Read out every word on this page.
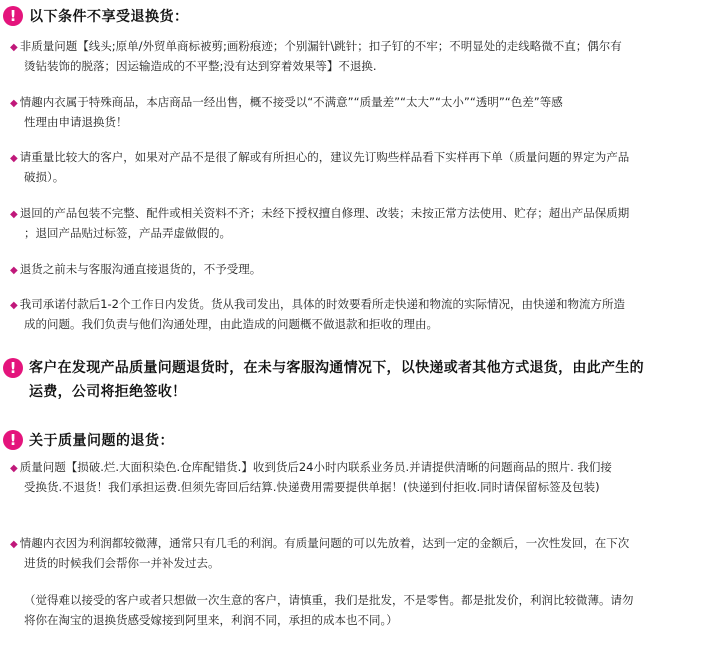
! 以下条件不享受退换货：
◆ 非质量问题【线头;原单/外贸单商标被剪;画粉痕迹；个别漏针\跳针；扣子钉的不牢；不明显处的走线略微不直；偶尔有
烫钻装饰的脱落；因运输造成的不平整;没有达到穿着效果等】不退换.
◆ 情趣内衣属于特殊商品，本店商品一经出售，概不接受以“不满意”“质量差”“太大”“太小”“透明”“色差”等感
性理由申请退换货！
◆ 请重量比较大的客户，如果对产品不是很了解或有所担心的，建议先订购些样品看下实样再下单（质量问题的界定为产品
破损）。
◆ 退回的产品包装不完整、配件或相关资料不齐；未经下授权擅自修理、改装；未按正常方法使用、贮存；超出产品保质期
；退回产品贴过标签，产品弄虚做假的。
◆ 退货之前未与客服沟通直接退货的，不予受理。
◆ 我司承诺付款后1-2个工作日内发货。货从我司发出，具体的时效要看所走快递和物流的实际情况，由快递和物流方所造
成的问题。我们负责与他们沟通处理，由此造成的问题概不做退款和拒收的理由。
! 客户在发现产品质量问题退货时，在未与客服沟通情况下，以快递或者其他方式退货，由此产生的
运费，公司将拒绝签收！
! 关于质量问题的退货：
◆ 质量问题【损破.烂.大面积染色.仓库配错货.】收到货后24小时内联系业务员.并请提供清晰的问题商品的照片. 我们接
受换货.不退货！我们承担运费.但须先寄回后结算.快递费用需要提供单据！(快递到付拒收.同时请保留标签及包装)
◆ 情趣内衣因为利润都较微薄，通常只有几毛的利润。有质量问题的可以先放着，达到一定的金额后，一次性发回，在下次
进货的时候我们会帮你一并补发过去。
（觉得难以接受的客户或者只想做一次生意的客户，请慎重，我们是批发，不是零售。都是批发价，利润比较微薄。请勿
将你在淘宝的退换货感受嫁接到阿里来，利润不同，承担的成本也不同。）
